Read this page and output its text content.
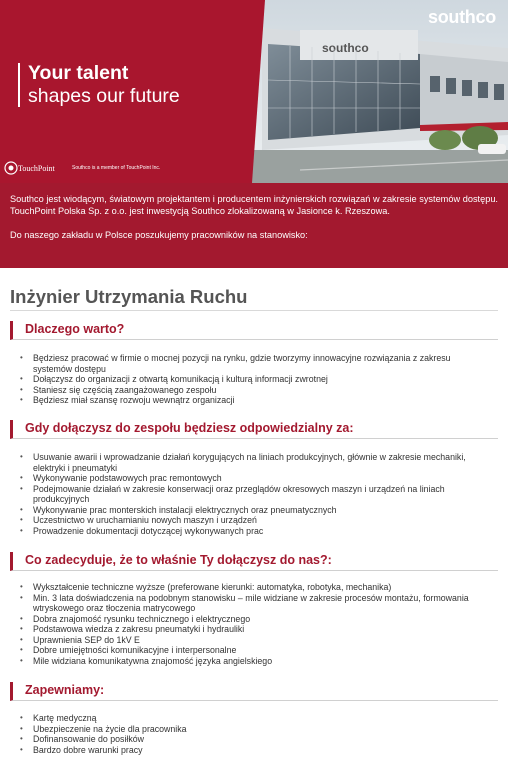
southco
Your talent
shapes our future
southco
TouchPoint	Southco is a member of TouchPoint Inc.

Southco jest wiodącym, światowym projektantem i producentem inżynierskich rozwiązań w zakresie systemów dostępu. TouchPoint Polska Sp. z o.o. jest inwestycją Southco zlokalizowaną w Jasionce k. Rzeszowa.

Do naszego zakładu w Polsce poszukujemy pracowników na stanowisko:

Inżynier Utrzymania Ruchu
Dlaczego warto?
• Będziesz pracować w firmie o mocnej pozycji na rynku, gdzie tworzymy innowacyjne rozwiązania z zakresu systemów dostępu
• Dołączysz do organizacji z otwartą komunikacją i kulturą informacji zwrotnej
• Staniesz się częścią zaangażowanego zespołu
• Będziesz miał szansę rozwoju wewnątrz organizacji
Gdy dołączysz do zespołu będziesz odpowiedzialny za:
• Usuwanie awarii i wprowadzanie działań korygujących na liniach produkcyjnych, głównie w zakresie mechaniki, elektryki i pneumatyki
• Wykonywanie podstawowych prac remontowych
• Podejmowanie działań w zakresie konserwacji oraz przeglądów okresowych maszyn i urządzeń na liniach produkcyjnych
• Wykonywanie prac monterskich instalacji elektrycznych oraz pneumatycznych
• Uczestnictwo w uruchamianiu nowych maszyn i urządzeń
• Prowadzenie dokumentacji dotyczącej wykonywanych prac
Co zadecyduje, że to właśnie Ty dołączysz do nas?:
• Wykształcenie techniczne wyższe (preferowane kierunki: automatyka, robotyka, mechanika)
• Min. 3 lata doświadczenia na podobnym stanowisku – mile widziane w zakresie procesów montażu, formowania wtryskowego oraz tłoczenia matrycowego
• Dobra znajomość rysunku technicznego i elektrycznego
• Podstawowa wiedza z zakresu pneumatyki i hydrauliki
• Uprawnienia SEP do 1kV E
• Dobre umiejętności komunikacyjne i interpersonalne
• Mile widziana komunikatywna znajomość języka angielskiego
Zapewniamy:
• Kartę medyczną
• Ubezpieczenie na życie dla pracownika
• Dofinansowanie do posiłków
• Bardzo dobre warunki pracy
